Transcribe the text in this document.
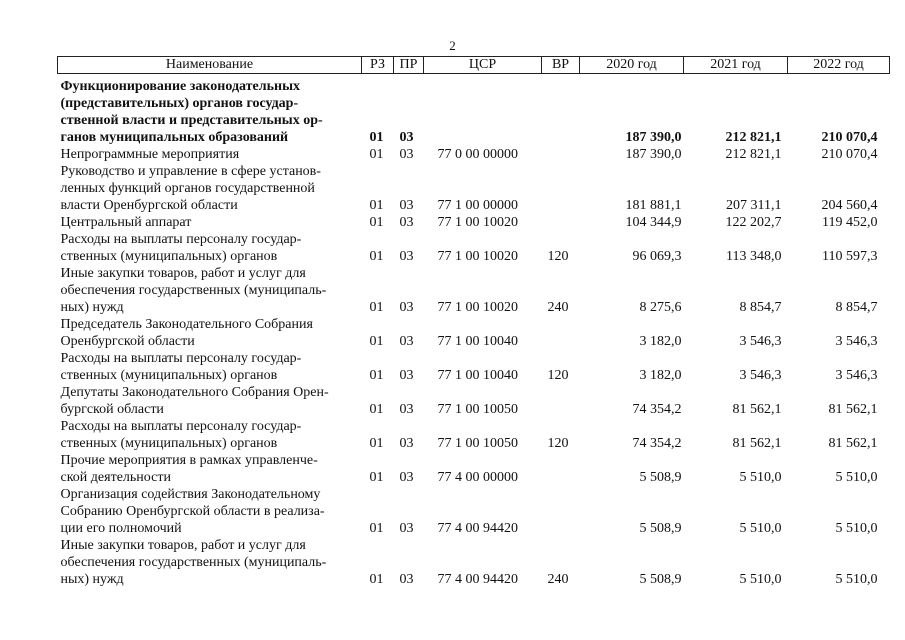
2
Наименование	РЗ	ПР	ЦСР	ВР	2020 год	2021 год	2022 год
Функционирование законодательных
(представительных) органов государ-
ственной власти и представительных ор-
ганов муниципальных образований	01	03			187 390,0	212 821,1	210 070,4
Непрограммные мероприятия	01	03	77 0 00 00000		187 390,0	212 821,1	210 070,4
Руководство и управление в сфере установ-
ленных функций органов государственной
власти Оренбургской области	01	03	77 1 00 00000		181 881,1	207 311,1	204 560,4
Центральный аппарат	01	03	77 1 00 10020		104 344,9	122 202,7	119 452,0
Расходы на выплаты персоналу государ-
ственных (муниципальных) органов	01	03	77 1 00 10020	120	96 069,3	113 348,0	110 597,3
Иные закупки товаров, работ и услуг для
обеспечения государственных (муниципаль-
ных) нужд	01	03	77 1 00 10020	240	8 275,6	8 854,7	8 854,7
Председатель Законодательного Собрания
Оренбургской области	01	03	77 1 00 10040		3 182,0	3 546,3	3 546,3
Расходы на выплаты персоналу государ-
ственных (муниципальных) органов	01	03	77 1 00 10040	120	3 182,0	3 546,3	3 546,3
Депутаты Законодательного Собрания Орен-
бургской области	01	03	77 1 00 10050		74 354,2	81 562,1	81 562,1
Расходы на выплаты персоналу государ-
ственных (муниципальных) органов	01	03	77 1 00 10050	120	74 354,2	81 562,1	81 562,1
Прочие мероприятия в рамках управленче-
ской деятельности	01	03	77 4 00 00000		5 508,9	5 510,0	5 510,0
Организация содействия Законодательному
Собранию Оренбургской области в реализа-
ции его полномочий	01	03	77 4 00 94420		5 508,9	5 510,0	5 510,0
Иные закупки товаров, работ и услуг для
обеспечения государственных (муниципаль-
ных) нужд	01	03	77 4 00 94420	240	5 508,9	5 510,0	5 510,0
